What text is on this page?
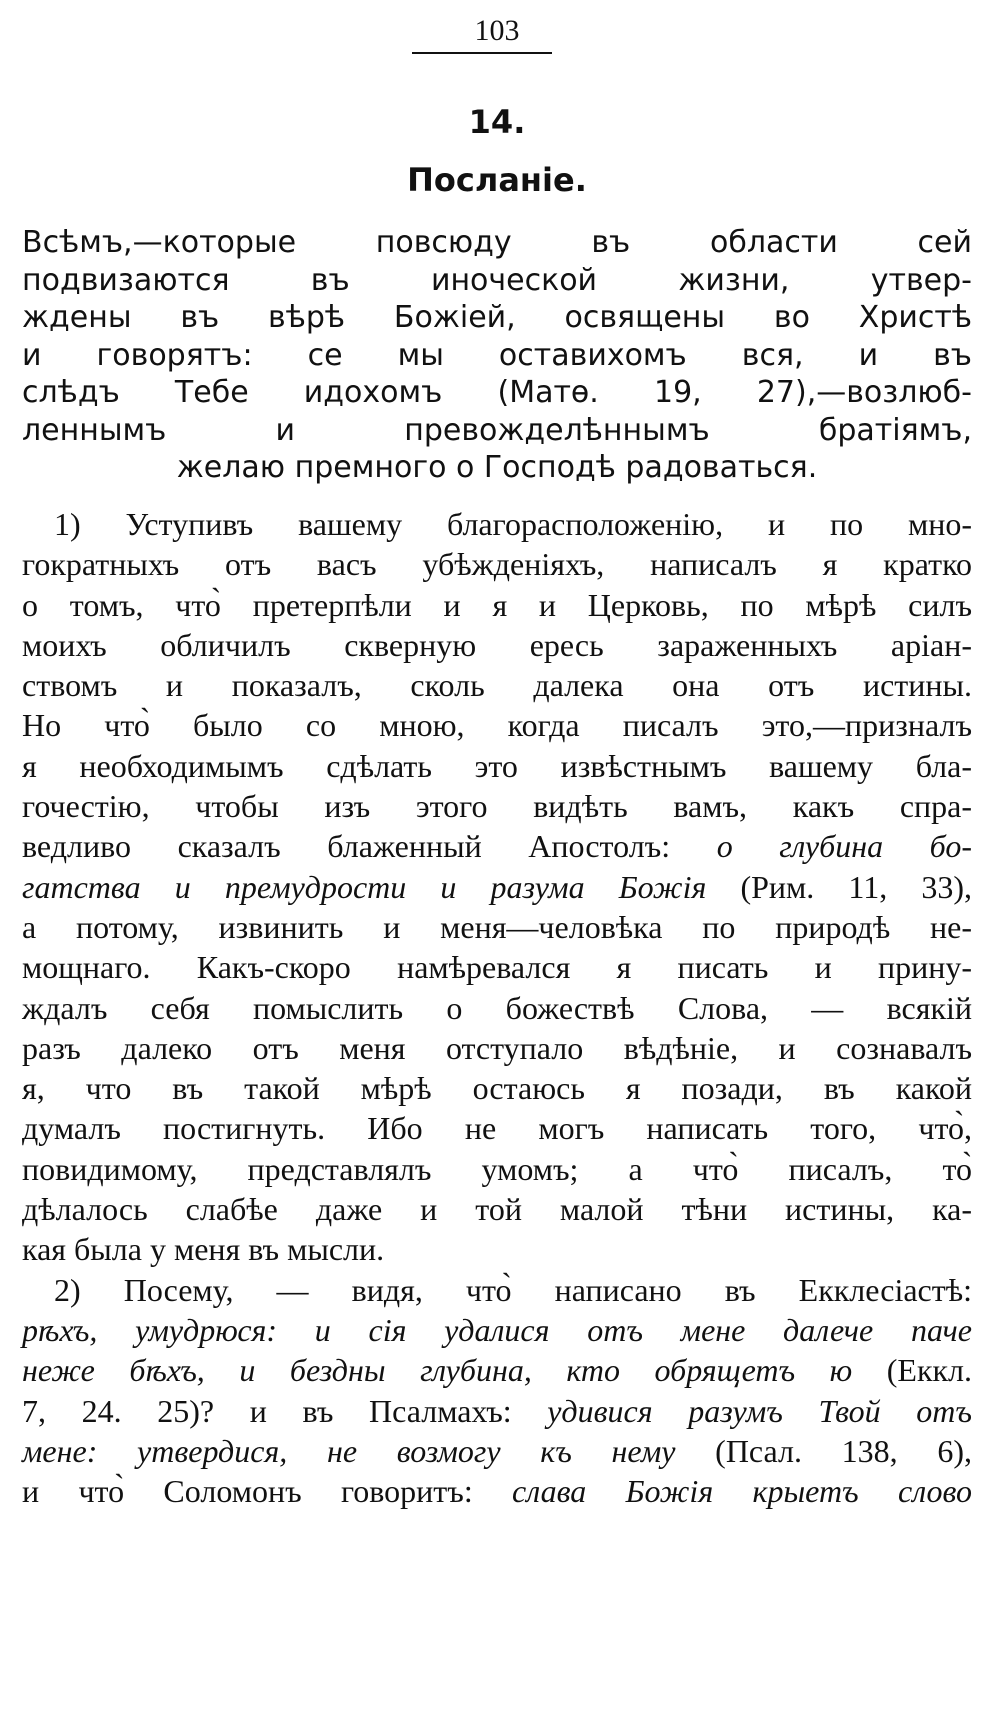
103
14.
Посланіе.
Всѣмъ,—которые повсюду въ области сей
подвизаются въ иноческой жизни, утвер-
ждены въ вѣрѣ Божіей, освящены во Христѣ
и говорятъ: се мы оставихомъ вся, и въ
слѣдъ Тебе идохомъ (Матѳ. 19, 27),—возлюб-
леннымъ и превожделѣннымъ братіямъ,
желаю премного о Господѣ радоваться.
1) Уступивъ вашему благорасположенію, и по мно-
гократныхъ отъ васъ убѣжденіяхъ, написалъ я кратко
о томъ, что̀ претерпѣли и я и Церковь, по мѣрѣ силъ
моихъ обличилъ скверную ересь зараженныхъ аріан-
ствомъ и показалъ, сколь далека она отъ истины.
Но что̀ было со мною, когда писалъ это,—призналъ
я необходимымъ сдѣлать это извѣстнымъ вашему бла-
гочестію, чтобы изъ этого видѣть вамъ, какъ спра-
ведливо сказалъ блаженный Апостолъ: о глубина бо-
гатства и премудрости и разума Божія (Рим. 11, 33),
а потому, извинить и меня—человѣка по природѣ не-
мощнаго. Какъ-скоро намѣревался я писать и прину-
ждалъ себя помыслить о божествѣ Слова, — всякій
разъ далеко отъ меня отступало вѣдѣніе, и сознавалъ
я, что въ такой мѣрѣ остаюсь я позади, въ какой
думалъ постигнуть. Ибо не могъ написать того, что̀,
повидимому, представлялъ умомъ; а что̀ писалъ, то̀
дѣлалось слабѣе даже и той малой тѣни истины, ка-
кая была у меня въ мысли.
2) Посему, — видя, что̀ написано въ Екклесіастѣ:
рѣхъ, умудрюся: и сія удалися отъ мене далече паче
неже бѣхъ, и бездны глубина, кто обрящетъ ю (Еккл.
7, 24. 25)? и въ Псалмахъ: удивися разумъ Твой отъ
мене: утвердися, не возмогу къ нему (Псал. 138, 6),
и что̀ Соломонъ говоритъ: слава Божія крыетъ слово
